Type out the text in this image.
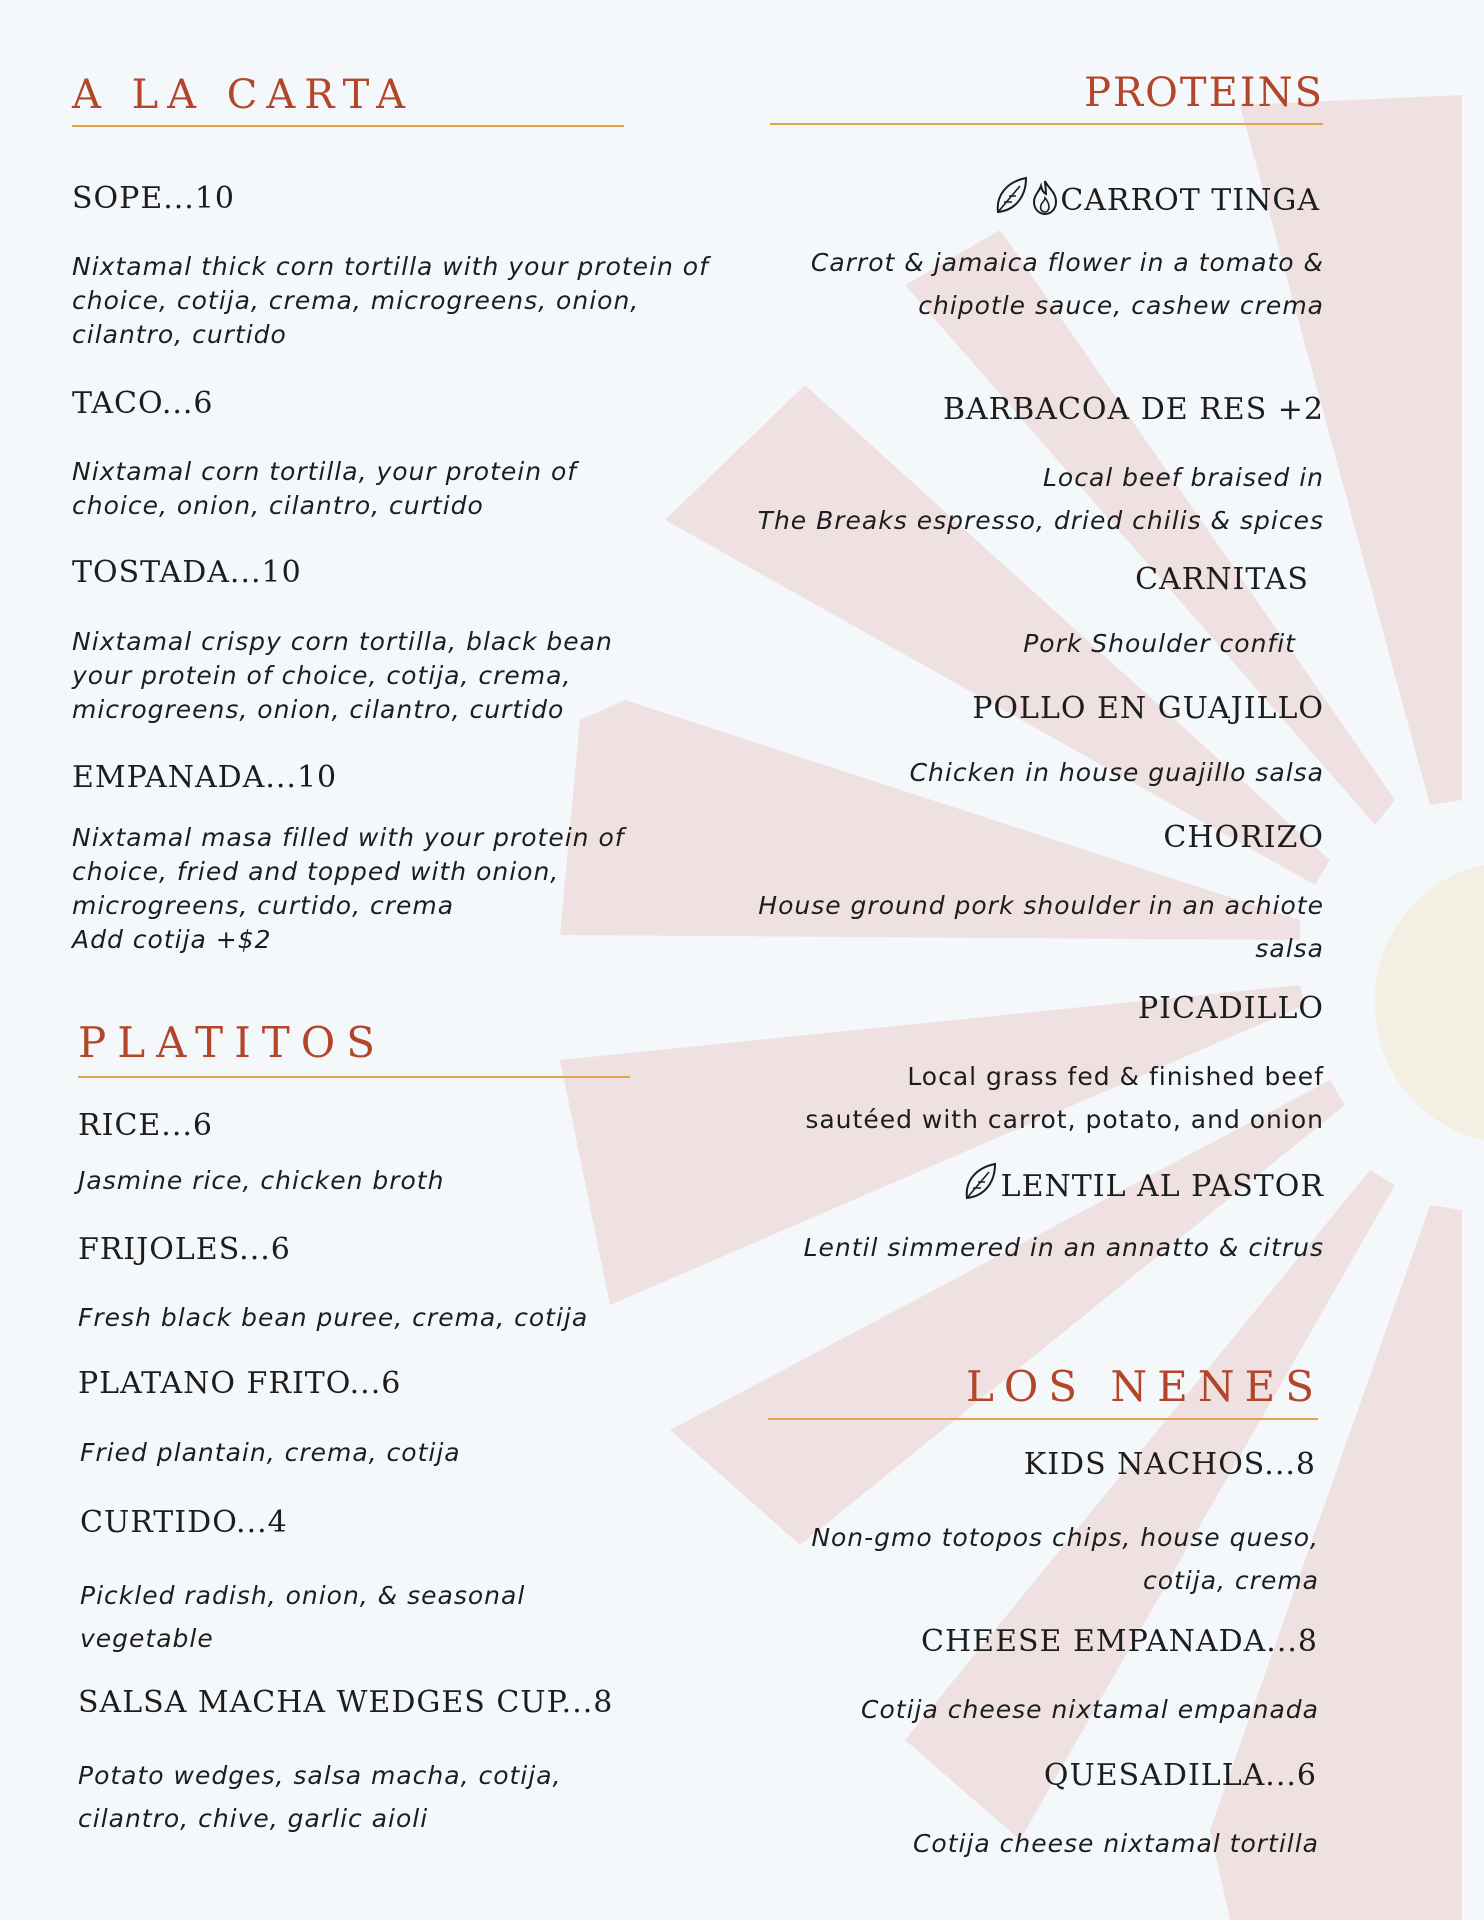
A LA CARTA
SOPE...10
Nixtamal thick corn tortilla with your protein of
choice, cotija, crema, microgreens, onion,
cilantro, curtido
TACO...6
Nixtamal corn tortilla, your protein of
choice, onion, cilantro, curtido
TOSTADA...10
Nixtamal crispy corn tortilla, black bean
your protein of choice, cotija, crema,
microgreens, onion, cilantro, curtido
EMPANADA...10
Nixtamal masa filled with your protein of
choice, fried and topped with onion,
microgreens, curtido, crema
Add cotija +$2
PLATITOS
RICE...6
Jasmine rice, chicken broth
FRIJOLES...6
Fresh black bean puree, crema, cotija
PLATANO FRITO...6
Fried plantain, crema, cotija
CURTIDO...4
Pickled radish, onion, & seasonal
vegetable
SALSA MACHA WEDGES CUP...8
Potato wedges, salsa macha, cotija,
cilantro, chive, garlic aioli
PROTEINS
CARROT TINGA
Carrot & jamaica flower in a tomato &
chipotle sauce, cashew crema
BARBACOA DE RES +2
Local beef braised in
The Breaks espresso, dried chilis & spices
CARNITAS
Pork Shoulder confit
POLLO EN GUAJILLO
Chicken in house guajillo salsa
CHORIZO
House ground pork shoulder in an achiote
salsa
PICADILLO
Local grass fed & finished beef
sautéed with carrot, potato, and onion
LENTIL AL PASTOR
Lentil simmered in an annatto & citrus
LOS NENES
KIDS NACHOS...8
Non-gmo totopos chips, house queso,
cotija, crema
CHEESE EMPANADA...8
Cotija cheese nixtamal empanada
QUESADILLA...6
Cotija cheese nixtamal tortilla
